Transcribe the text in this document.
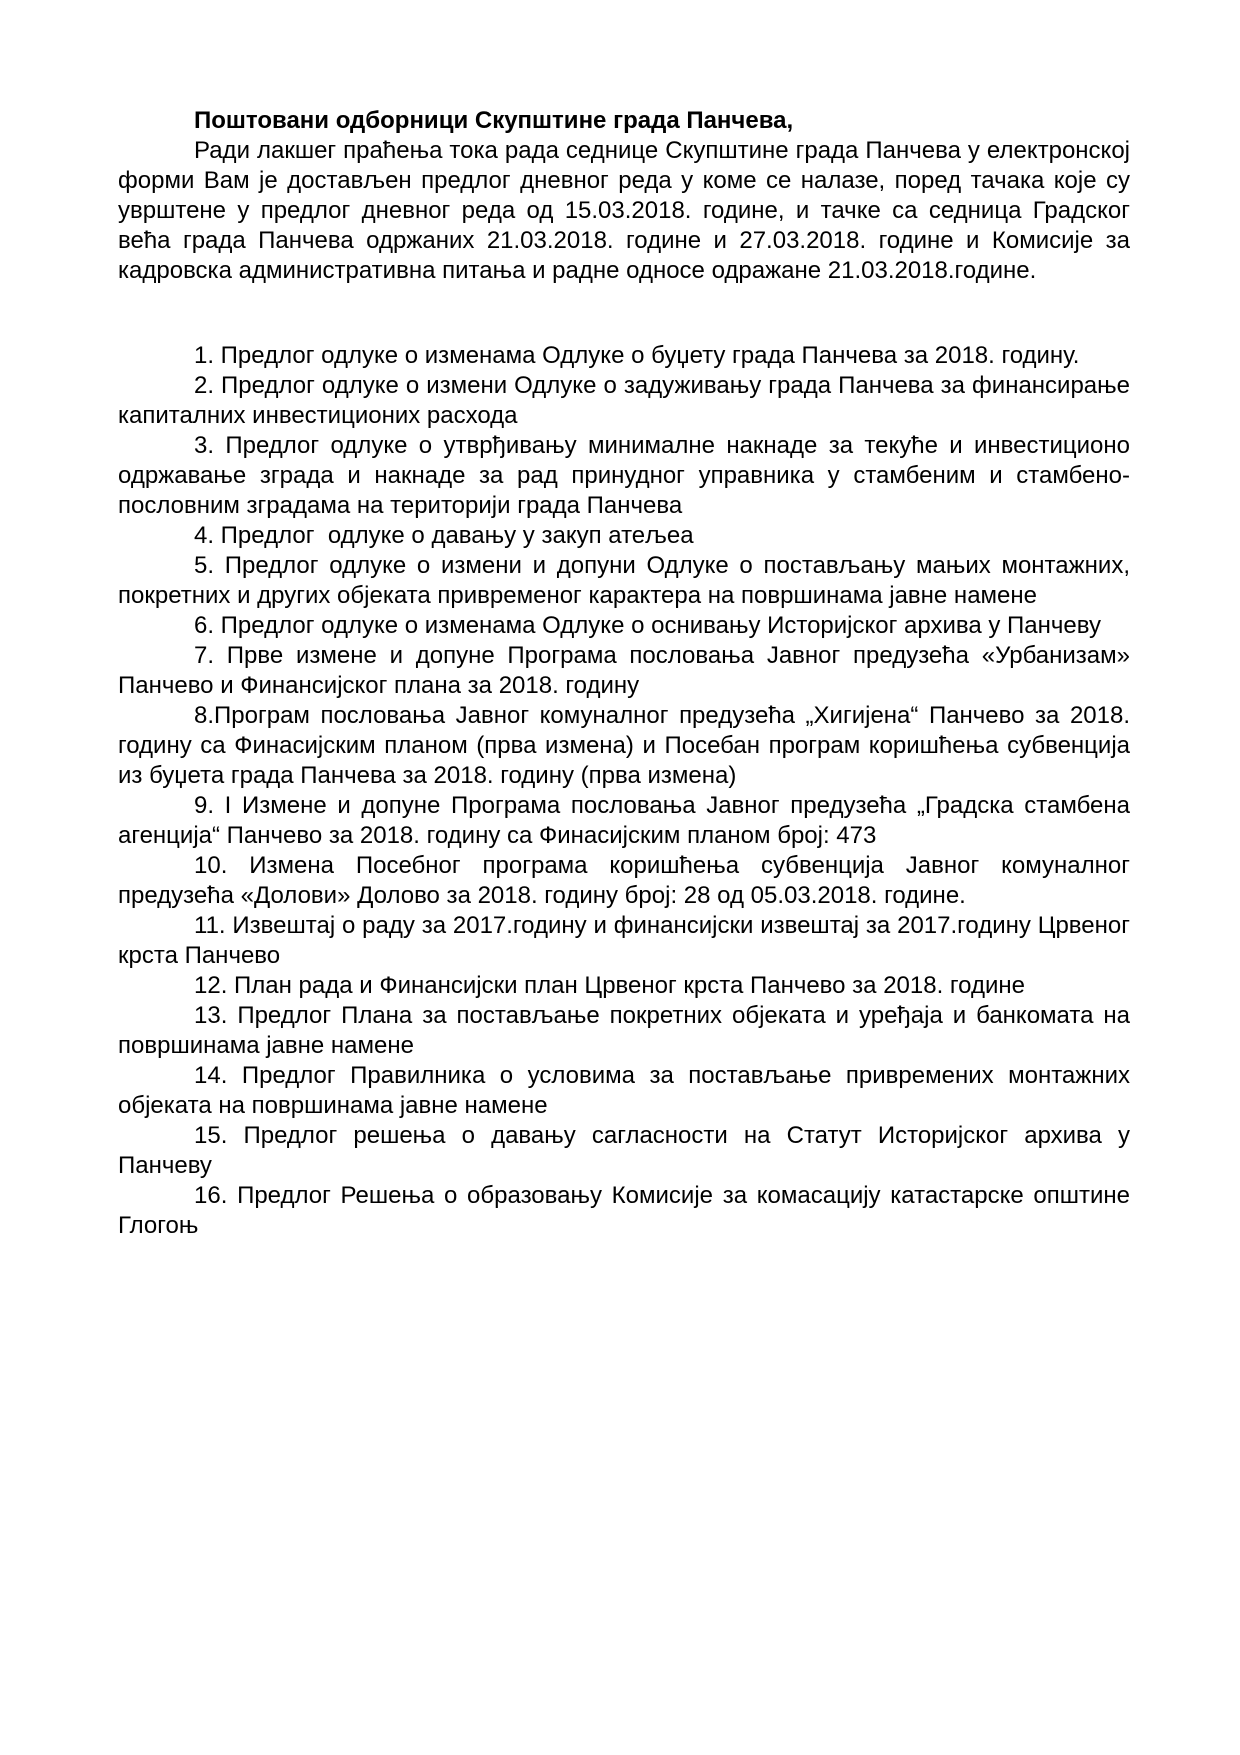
Поштовани одборници Скупштине града Панчева,

Ради лакшег праћења тока рада седнице Скупштине града Панчева у електронској форми Вам је достављен предлог дневног реда у коме се налазе, поред тачака које су уврштене у предлог дневног реда од 15.03.2018. године, и тачке са седница Градског већа града Панчева одржаних 21.03.2018. године и 27.03.2018. године и Комисије за кадровска административна питања и радне односе одражане 21.03.2018.године.

1. Предлог одлуке о изменама Одлуке о буџету града Панчева за 2018. годину.

2. Предлог одлуке о измени Одлуке о задуживању града Панчева за финансирање капиталних инвестиционих расхода

3. Предлог одлуке о утврђивању минималне накнаде за текуће и инвестиционо одржавање зграда и накнаде за рад принудног управника у стамбеним и стамбено-пословним зградама на територији града Панчева

4. Предлог  одлуке о давању у закуп атељеа

5. Предлог одлуке о измени и допуни Одлуке о постављању мањих монтажних, покретних и других објеката привременог карактера на површинама јавне намене

6. Предлог одлуке о изменама Одлуке о оснивању Историјског архива у Панчеву

7. Прве измене и допуне Програма пословања Јавног предузећа «Урбанизам» Панчево и Финансијског плана за 2018. годину

8.Програм пословања Јавног комуналног предузећа „Хигијена“ Панчево за 2018. годину са Финасијским планом (прва измена) и Посебан програм коришћења субвенција из буџета града Панчева за 2018. годину (прва измена)

9. I Измене и допуне Програма пословања Јавног предузећа „Градска стамбена агенција“ Панчево за 2018. годину са Финасијским планом број: 473

10. Измена Посебног програма коришћења субвенција Јавног комуналног предузећа «Долови» Долово за 2018. годину број: 28 од 05.03.2018. године.

11. Извештај о раду за 2017.годину и финансијски извештај за 2017.годину Црвеног крста Панчево

12. План рада и Финансијски план Црвеног крста Панчево за 2018. године

13. Предлог Плана за постављање покретних објеката и уређаја и банкомата на површинама јавне намене

14. Предлог Правилника о условима за постављање привремених монтажних објеката на површинама јавне намене

15. Предлог решења о давању сагласности на Статут Историјског архива у Панчеву

16. Предлог Решења о образовању Комисије за комасацију катастарске општине Глогоњ
